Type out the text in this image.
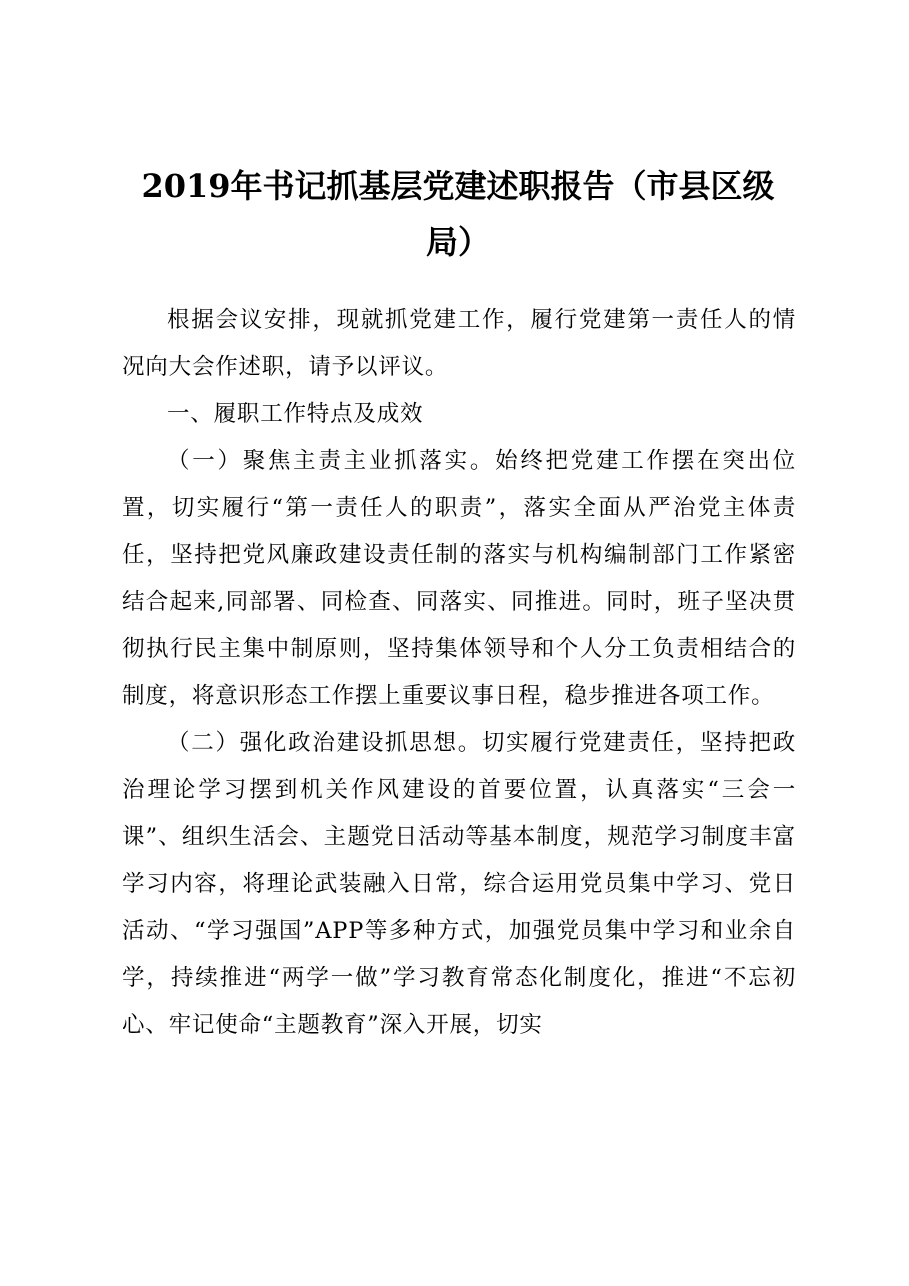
2019年书记抓基层党建述职报告（市县区级局）

根据会议安排，现就抓党建工作，履行党建第一责任人的情况向大会作述职，请予以评议。

一、履职工作特点及成效

（一）聚焦主责主业抓落实。始终把党建工作摆在突出位置，切实履行“第一责任人的职责”，落实全面从严治党主体责任，坚持把党风廉政建设责任制的落实与机构编制部门工作紧密结合起来,同部署、同检查、同落实、同推进。同时，班子坚决贯彻执行民主集中制原则，坚持集体领导和个人分工负责相结合的制度，将意识形态工作摆上重要议事日程，稳步推进各项工作。

（二）强化政治建设抓思想。切实履行党建责任，坚持把政治理论学习摆到机关作风建设的首要位置，认真落实“三会一课”、组织生活会、主题党日活动等基本制度，规范学习制度丰富学习内容，将理论武装融入日常，综合运用党员集中学习、党日活动、“学习强国”APP等多种方式，加强党员集中学习和业余自学，持续推进“两学一做”学习教育常态化制度化，推进“不忘初心、牢记使命“主题教育”深入开展，切实
